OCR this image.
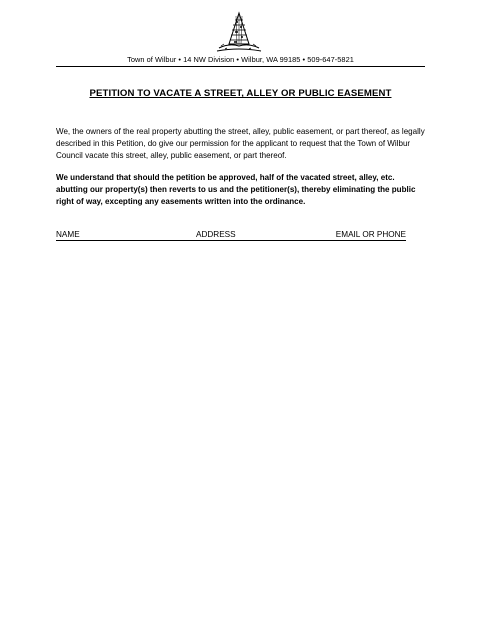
Town of Wilbur • 14 NW Division • Wilbur, WA 99185 • 509-647-5821
PETITION TO VACATE A STREET, ALLEY OR PUBLIC EASEMENT

We, the owners of the real property abutting the street, alley, public easement, or part thereof, as legally described in this Petition, do give our permission for the applicant to request that the Town of Wilbur Council vacate this street, alley, public easement, or part thereof.

We understand that should the petition be approved, half of the vacated street, alley, etc. abutting our property(s) then reverts to us and the petitioner(s), thereby eliminating the public right of way, excepting any easements written into the ordinance.

NAME	ADDRESS	EMAIL OR PHONE
